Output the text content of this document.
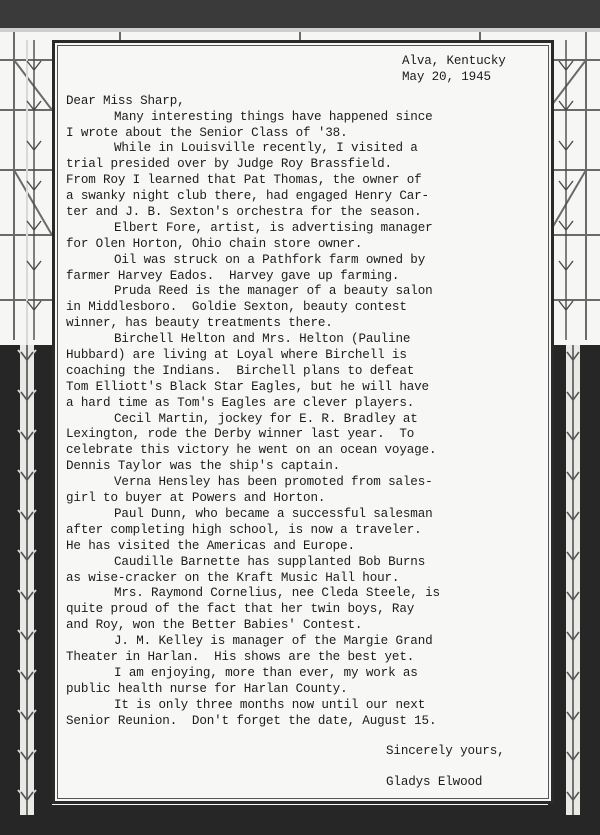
Alva, Kentucky
May 20, 1945
Dear Miss Sharp,
Many interesting things have happened since
I wrote about the Senior Class of '38.
While in Louisville recently, I visited a
trial presided over by Judge Roy Brassfield.
From Roy I learned that Pat Thomas, the owner of
a swanky night club there, had engaged Henry Car-
ter and J. B. Sexton's orchestra for the season.
Elbert Fore, artist, is advertising manager
for Olen Horton, Ohio chain store owner.
Oil was struck on a Pathfork farm owned by
farmer Harvey Eados.  Harvey gave up farming.
Pruda Reed is the manager of a beauty salon
in Middlesboro.  Goldie Sexton, beauty contest
winner, has beauty treatments there.
Birchell Helton and Mrs. Helton (Pauline
Hubbard) are living at Loyal where Birchell is
coaching the Indians.  Birchell plans to defeat
Tom Elliott's Black Star Eagles, but he will have
a hard time as Tom's Eagles are clever players.
Cecil Martin, jockey for E. R. Bradley at
Lexington, rode the Derby winner last year.  To
celebrate this victory he went on an ocean voyage.
Dennis Taylor was the ship's captain.
Verna Hensley has been promoted from sales-
girl to buyer at Powers and Horton.
Paul Dunn, who became a successful salesman
after completing high school, is now a traveler.
He has visited the Americas and Europe.
Caudille Barnette has supplanted Bob Burns
as wise-cracker on the Kraft Music Hall hour.
Mrs. Raymond Cornelius, nee Cleda Steele, is
quite proud of the fact that her twin boys, Ray
and Roy, won the Better Babies' Contest.
J. M. Kelley is manager of the Margie Grand
Theater in Harlan.  His shows are the best yet.
I am enjoying, more than ever, my work as
public health nurse for Harlan County.
It is only three months now until our next
Senior Reunion.  Don't forget the date, August 15.
Sincerely yours,
Gladys Elwood
